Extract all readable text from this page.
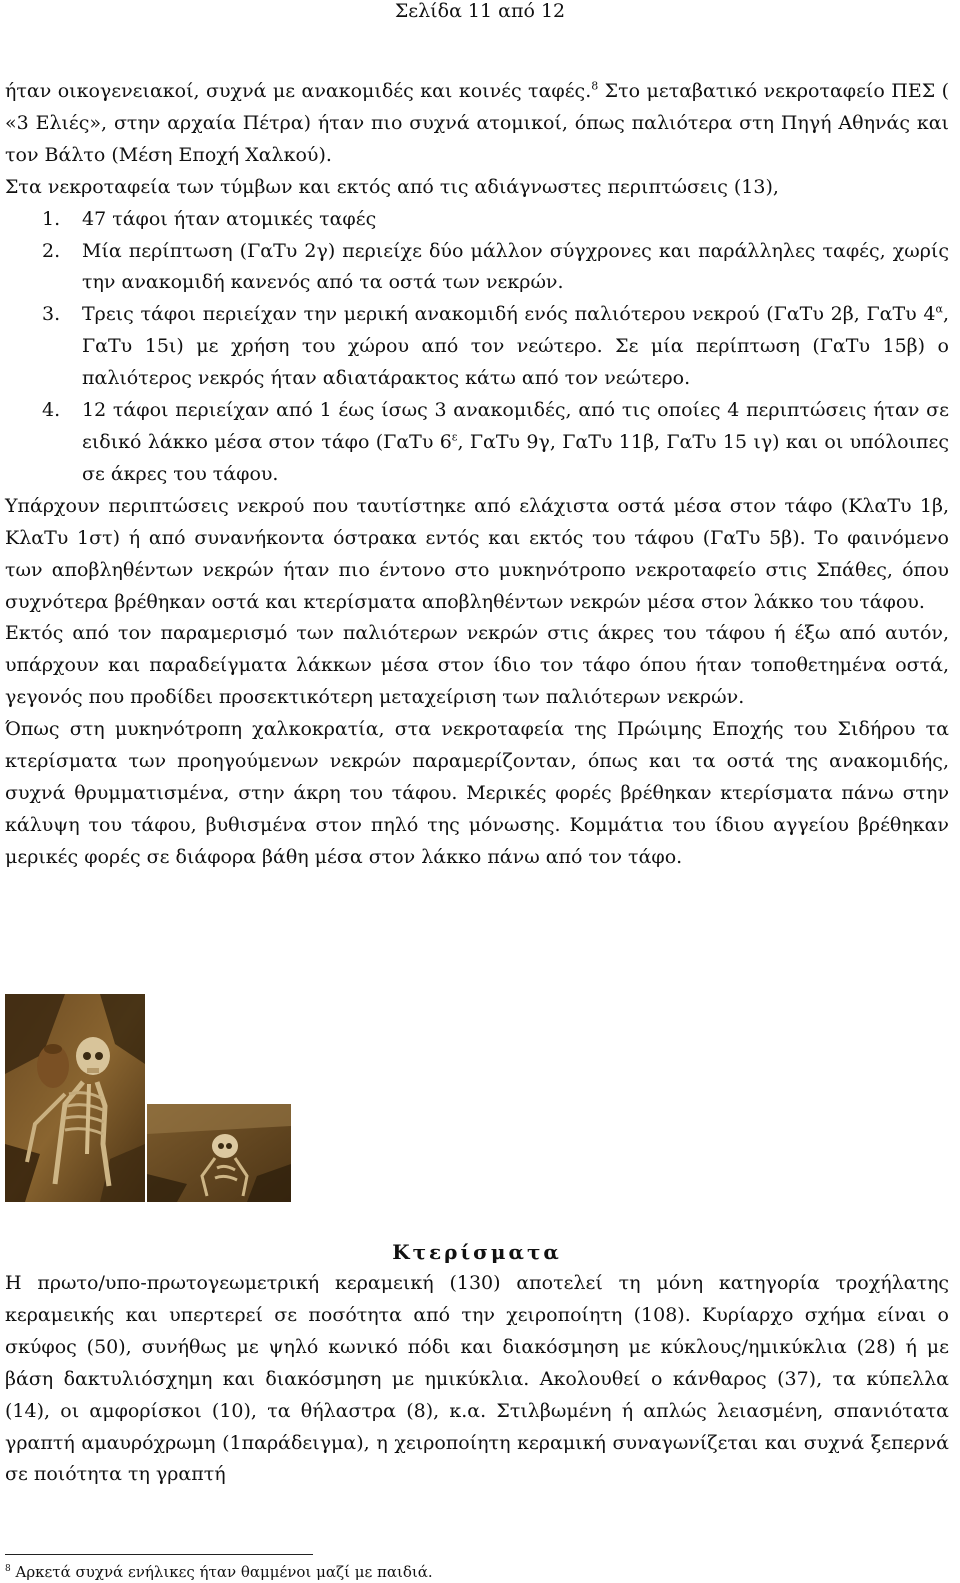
Σελίδα 11 από 12

ήταν οικογενειακοί, συχνά με ανακομιδές και κοινές ταφές.$^8$ Στο μεταβατικό νεκροταφείο ΠΕΣ ( «3 Ελιές», στην αρχαία Πέτρα) ήταν πιο συχνά ατομικοί, όπως παλιότερα στη Πηγή Αθηνάς και τον Βάλτο (Μέση Εποχή Χαλκού).

Στα νεκροταφεία των τύμβων και εκτός από τις αδιάγνωστες περιπτώσεις (13),

1. 47 τάφοι ήταν ατομικές ταφές
2. Μία περίπτωση (ΓαΤυ 2γ) περιείχε δύο μάλλον σύγχρονες και παράλληλες ταφές, χωρίς την ανακομιδή κανενός από τα οστά των νεκρών.
3. Τρεις τάφοι περιείχαν την μερική ανακομιδή ενός παλιότερου νεκρού (ΓαΤυ 2β, ΓαΤυ $4^\alpha$, ΓαΤυ 15ι) με χρήση του χώρου από τον νεώτερο. Σε μία περίπτωση (ΓαΤυ 15β) ο παλιότερος νεκρός ήταν αδιατάρακτος κάτω από τον νεώτερο.
4. 12 τάφοι περιείχαν από 1 έως ίσως 3 ανακομιδές, από τις οποίες 4 περιπτώσεις ήταν σε ειδικό λάκκο μέσα στον τάφο (ΓαΤυ $6^\varepsilon$, ΓαΤυ 9γ, ΓαΤυ 11β, ΓαΤυ 15 ιγ) και οι υπόλοιπες σε άκρες του τάφου.

Υπάρχουν περιπτώσεις νεκρού που ταυτίστηκε από ελάχιστα οστά μέσα στον τάφο (ΚλαΤυ 1β, ΚλαΤυ 1στ) ή από συνανήκοντα όστρακα εντός και εκτός του τάφου (ΓαΤυ 5β). Το φαινόμενο των αποβληθέντων νεκρών ήταν πιο έντονο στο μυκηνότροπο νεκροταφείο στις Σπάθες, όπου συχνότερα βρέθηκαν οστά και κτερίσματα αποβληθέντων νεκρών μέσα στον λάκκο του τάφου.

Εκτός από τον παραμερισμό των παλιότερων νεκρών στις άκρες του τάφου ή έξω από αυτόν, υπάρχουν και παραδείγματα λάκκων μέσα στον ίδιο τον τάφο όπου ήταν τοποθετημένα οστά, γεγονός που προδίδει προσεκτικότερη μεταχείριση των παλιότερων νεκρών.

Όπως στη μυκηνότροπη χαλκοκρατία, στα νεκροταφεία της Πρώιμης Εποχής του Σιδήρου τα κτερίσματα των προηγούμενων νεκρών παραμερίζονταν, όπως και τα οστά της ανακομιδής, συχνά θρυμματισμένα, στην άκρη του τάφου. Μερικές φορές βρέθηκαν κτερίσματα πάνω στην κάλυψη του τάφου, βυθισμένα στον πηλό της μόνωσης. Κομμάτια του ίδιου αγγείου βρέθηκαν μερικές φορές σε διάφορα βάθη μέσα στον λάκκο πάνω από τον τάφο.

Κτερίσματα

Η πρωτο/υπο-πρωτογεωμετρική κεραμεική (130) αποτελεί τη μόνη κατηγορία τροχήλατης κεραμεικής και υπερτερεί σε ποσότητα από την χειροποίητη (108). Κυρίαρχο σχήμα είναι ο σκύφος (50), συνήθως με ψηλό κωνικό πόδι και διακόσμηση με κύκλους/ημικύκλια (28) ή με βάση δακτυλιόσχημη και διακόσμηση με ημικύκλια. Ακολουθεί ο κάνθαρος (37), τα κύπελλα (14), οι αμφορίσκοι (10), τα θήλαστρα (8), κ.α. Στιλβωμένη ή απλώς λειασμένη, σπανιότατα γραπτή αμαυρόχρωμη (1παράδειγμα), η χειροποίητη κεραμική συναγωνίζεται και συχνά ξεπερνά σε ποιότητα τη γραπτή

$^8$ Αρκετά συχνά ενήλικες ήταν θαμμένοι μαζί με παιδιά.
